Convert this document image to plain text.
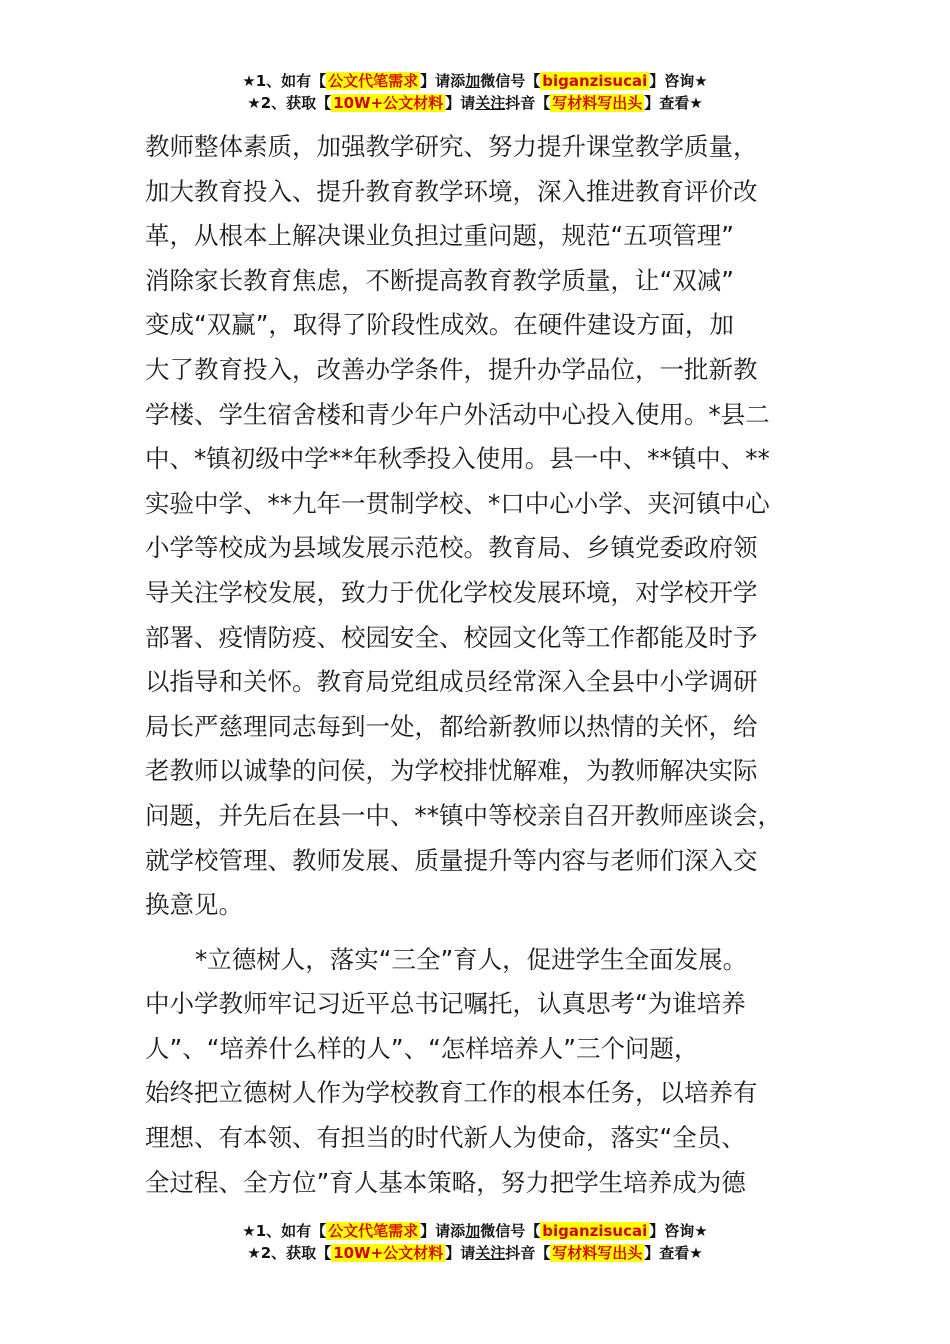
★1、如有【 公文代笔需求 】请添加微信号【 biganzisucai 】咨询★
★2、获取【 10W+公文材料 】请关注抖音【 写材料写出头 】查看★
教师整体素质，加强教学研究、努力提升课堂教学质量，
加大教育投入、提升教育教学环境，深入推进教育评价改
革，从根本上解决课业负担过重问题，规范“五项管理”
消除家长教育焦虑，不断提高教育教学质量，让“双减”
变成“双赢”，取得了阶段性成效。在硬件建设方面，加
大了教育投入，改善办学条件，提升办学品位，一批新教
学楼、学生宿舍楼和青少年户外活动中心投入使用。*县二
中、*镇初级中学**年秋季投入使用。县一中、**镇中、**
实验中学、**九年一贯制学校、*口中心小学、夹河镇中心
小学等校成为县域发展示范校。教育局、乡镇党委政府领
导关注学校发展，致力于优化学校发展环境，对学校开学
部署、疫情防疫、校园安全、校园文化等工作都能及时予
以指导和关怀。教育局党组成员经常深入全县中小学调研
局长严慈理同志每到一处，都给新教师以热情的关怀，给
老教师以诚挚的问侯，为学校排忧解难，为教师解决实际
问题，并先后在县一中、**镇中等校亲自召开教师座谈会，
就学校管理、教师发展、质量提升等内容与老师们深入交
换意见。
*立德树人，落实“三全”育人，促进学生全面发展。
中小学教师牢记习近平总书记嘱托，认真思考“为谁培养
人”、“培养什么样的人”、“怎样培养人”三个问题，
始终把立德树人作为学校教育工作的根本任务，以培养有
理想、有本领、有担当的时代新人为使命，落实“全员、
全过程、全方位”育人基本策略，努力把学生培养成为德
★1、如有【 公文代笔需求 】请添加微信号【 biganzisucai 】咨询★
★2、获取【 10W+公文材料 】请关注抖音【 写材料写出头 】查看★
